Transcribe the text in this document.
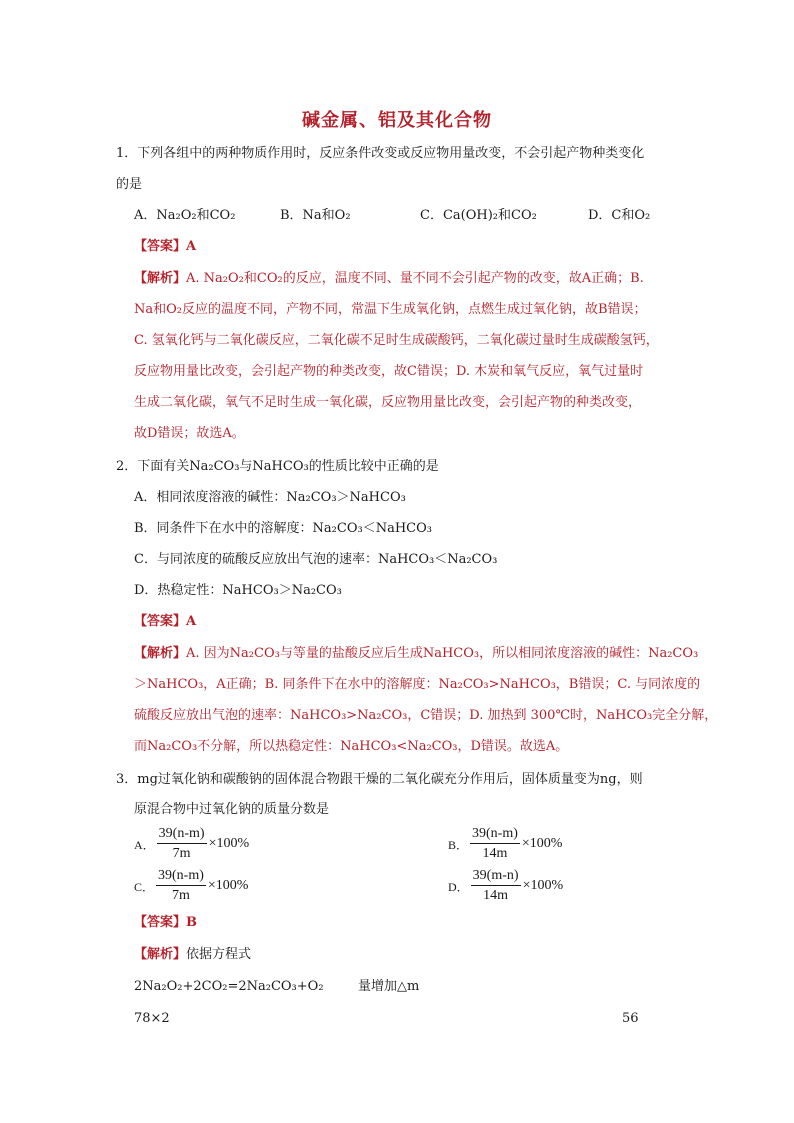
碱金属、铝及其化合物
1．下列各组中的两种物质作用时，反应条件改变或反应物用量改变，不会引起产物种类变化
的是
A．Na₂O₂和CO₂	B．Na和O₂	C．Ca(OH)₂和CO₂	D．C和O₂
【答案】A
【解析】A. Na₂O₂和CO₂的反应，温度不同、量不同不会引起产物的改变，故A正确；B.
Na和O₂反应的温度不同，产物不同，常温下生成氧化钠，点燃生成过氧化钠，故B错误；
C. 氢氧化钙与二氧化碳反应，二氧化碳不足时生成碳酸钙，二氧化碳过量时生成碳酸氢钙，
反应物用量比改变，会引起产物的种类改变，故C错误；D. 木炭和氧气反应，氧气过量时
生成二氧化碳，氧气不足时生成一氧化碳，反应物用量比改变，会引起产物的种类改变，
故D错误；故选A。
2．下面有关Na₂CO₃与NaHCO₃的性质比较中正确的是
A．相同浓度溶液的碱性：Na₂CO₃＞NaHCO₃
B．同条件下在水中的溶解度：Na₂CO₃＜NaHCO₃
C．与同浓度的硫酸反应放出气泡的速率：NaHCO₃＜Na₂CO₃
D．热稳定性：NaHCO₃＞Na₂CO₃
【答案】A
【解析】A. 因为Na₂CO₃与等量的盐酸反应后生成NaHCO₃，所以相同浓度溶液的碱性：Na₂CO₃
＞NaHCO₃，A正确；B. 同条件下在水中的溶解度：Na₂CO₃>NaHCO₃，B错误；C. 与同浓度的
硫酸反应放出气泡的速率：NaHCO₃>Na₂CO₃，C错误；D. 加热到 300℃时，NaHCO₃完全分解，
而Na₂CO₃不分解，所以热稳定性：NaHCO₃<Na₂CO₃，D错误。故选A。
3．mg过氧化钠和碳酸钠的固体混合物跟干燥的二氧化碳充分作用后，固体质量变为ng，则
原混合物中过氧化钠的质量分数是
A． $\frac{39(n-m)}{7m} \times 100\%$	B． $\frac{39(n-m)}{14m} \times 100\%$
C． $\frac{39(n-m)}{7m} \times 100\%$	D． $\frac{39(m-n)}{14m} \times 100\%$
【答案】B
【解析】依据方程式
2Na₂O₂+2CO₂=2Na₂CO₃+O₂	量增加△m
78×2	56
